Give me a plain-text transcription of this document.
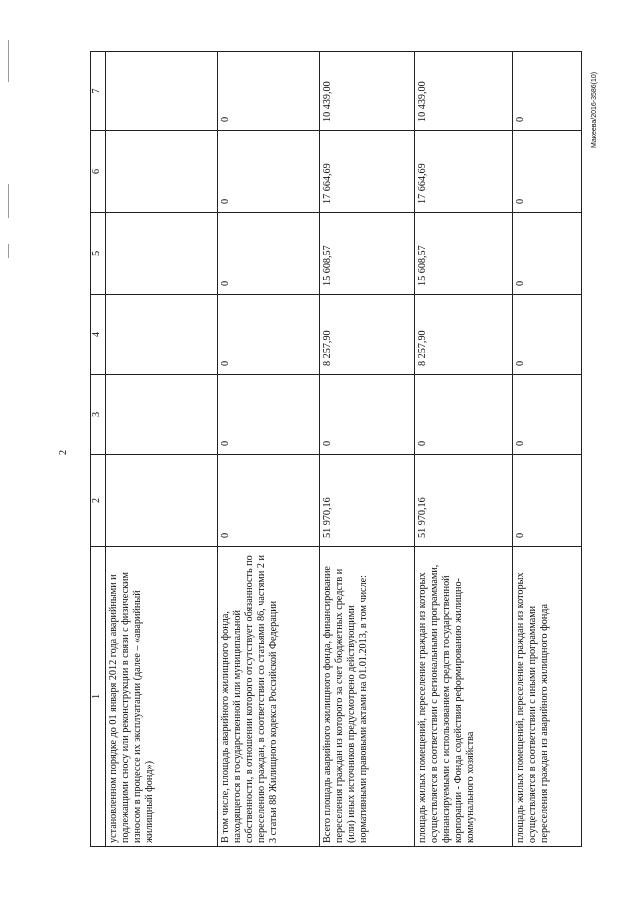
2
1	2	3	4	5	6	7
установленном порядке до 01 января 2012 года аварийными и подлежащими сносу или реконструкции в связи с физическим износом в процессе их эксплуатации (далее – «аварийный жилищный фонд»)						
В том числе, площадь аварийного жилищного фонда, находящегося в государственной или муниципальной собственности, в отношении которого отсутствует обязанность по переселению граждан, в соответствии со статьями 86, частями 2 и 3 статьи 88 Жилищного кодекса Российской Федерации	0	0	0	0	0	0
Всего площадь аварийного жилищного фонда, финансирование переселения граждан из которого за счет бюджетных средств и (или) иных источников предусмотрено действующими нормативными правовыми актами на 01.01.2013, в том числе:	51 970,16	0	8 257,90	15 608,57	17 664,69	10 439,00
площадь жилых помещений, переселение граждан из которых осуществляется в соответствии с региональными программами, финансируемыми с использованием средств государственной корпорации - Фонда содействия реформированию жилищно-коммунального хозяйства	51 970,16	0	8 257,90	15 608,57	17 664,69	10 439,00
площадь жилых помещений, переселение граждан из которых осуществляется в соответствии с иными программами переселения граждан из аварийного жилищного фонда	0	0	0	0	0	0	Макеева/2016-3586(10)
